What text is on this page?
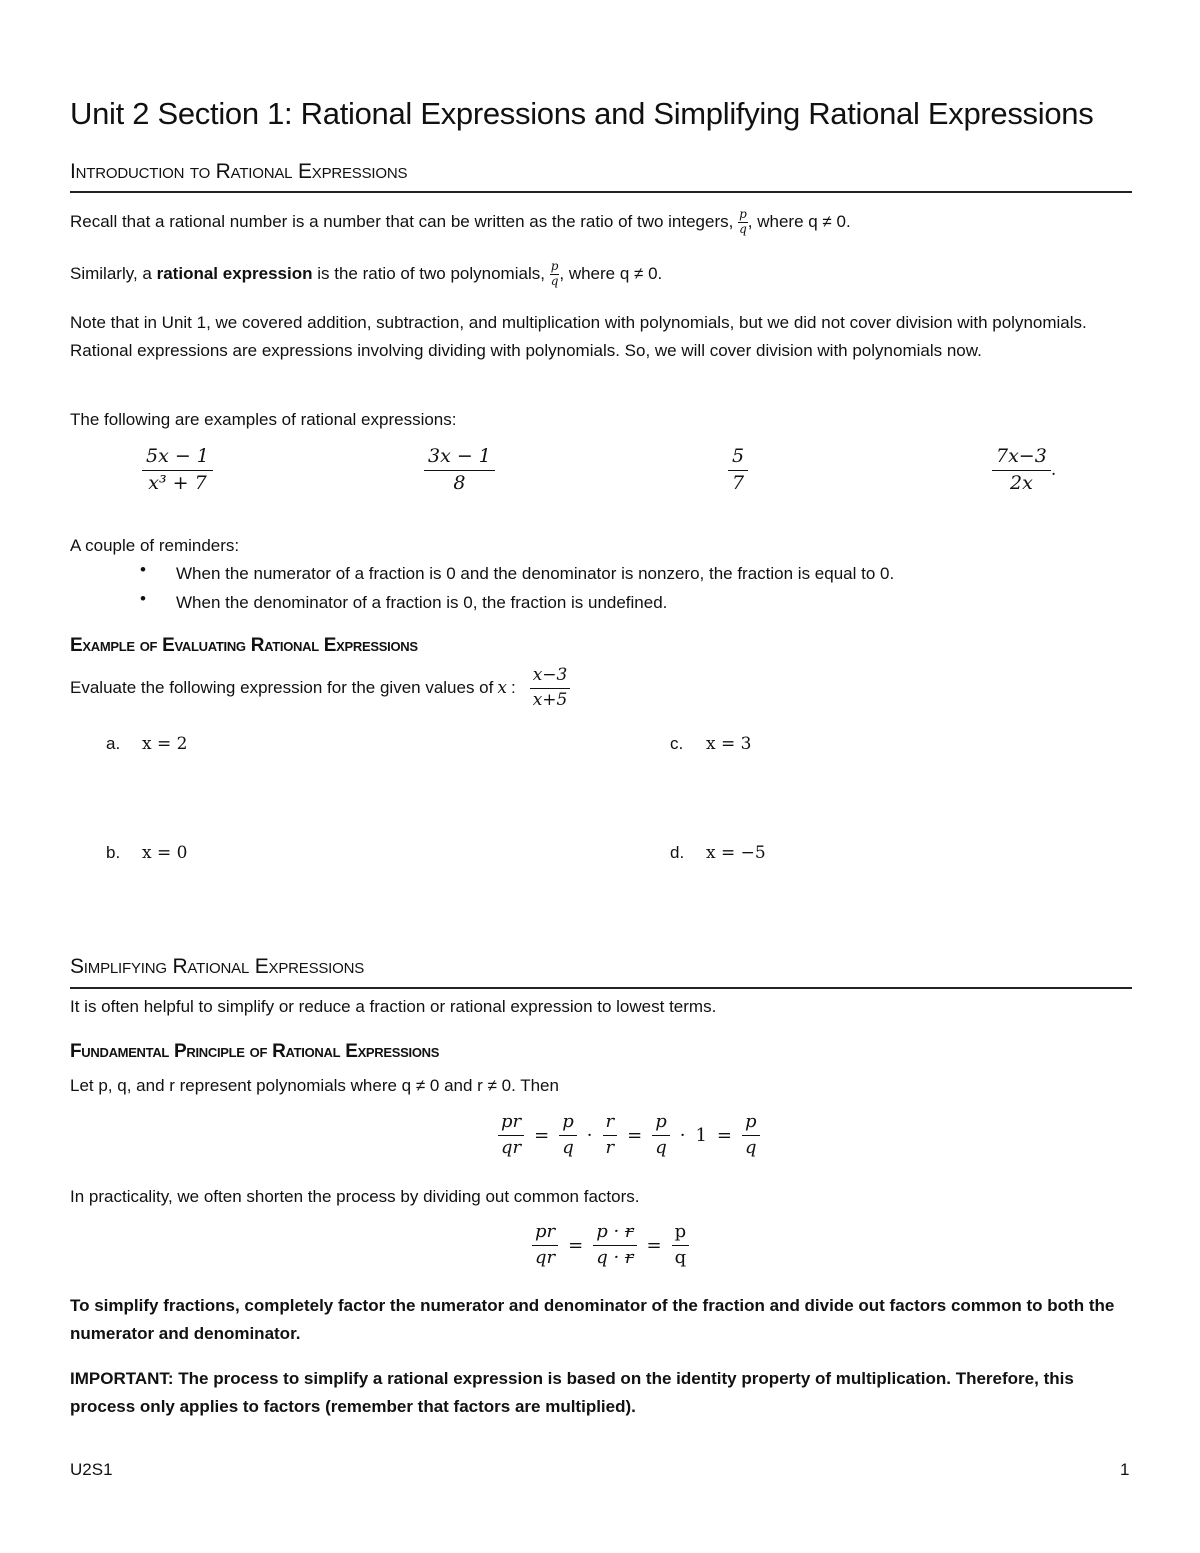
Unit 2 Section 1: Rational Expressions and Simplifying Rational Expressions
Introduction to Rational Expressions
Recall that a rational number is a number that can be written as the ratio of two integers, $\frac{p}{q}$ , where q ≠ 0.
Similarly, a rational expression is the ratio of two polynomials, $\frac{p}{q}$ , where q ≠ 0.
Note that in Unit 1, we covered addition, subtraction, and multiplication with polynomials, but we did not cover division with polynomials. Rational expressions are expressions involving dividing with polynomials. So, we will cover division with polynomials now.
The following are examples of rational expressions:
$\frac{5x - 1}{\text{x³ + 7}}$	$\frac{3x - 1}{8}$	$\frac{5}{7}$	$\frac{7x-3}{2x}$ .
A couple of reminders:
• When the numerator of a fraction is 0 and the denominator is nonzero, the fraction is equal to 0.
• When the denominator of a fraction is 0, the fraction is undefined.
Example of Evaluating Rational Expressions
Evaluate the following expression for the given values of x : $\frac{x-3}{x+5}$
a. x = 2	c. x = 3
b. x = 0	d. x = −5
Simplifying Rational Expressions
It is often helpful to simplify or reduce a fraction or rational expression to lowest terms.
Fundamental Principle of Rational Expressions
Let p, q, and r represent polynomials where q ≠ 0 and r ≠ 0. Then
$\frac{pr}{qr} = \frac{p}{q} \cdot \frac{r}{r} = \frac{p}{q} \cdot 1 = \frac{p}{q}$
In practicality, we often shorten the process by dividing out common factors.
$\frac{pr}{qr} = \frac{p \cdot r}{q \cdot r} = \frac{p}{q}$
To simplify fractions, completely factor the numerator and denominator of the fraction and divide out factors common to both the numerator and denominator.
IMPORTANT: The process to simplify a rational expression is based on the identity property of multiplication. Therefore, this process only applies to factors (remember that factors are multiplied).
U2S1	1
